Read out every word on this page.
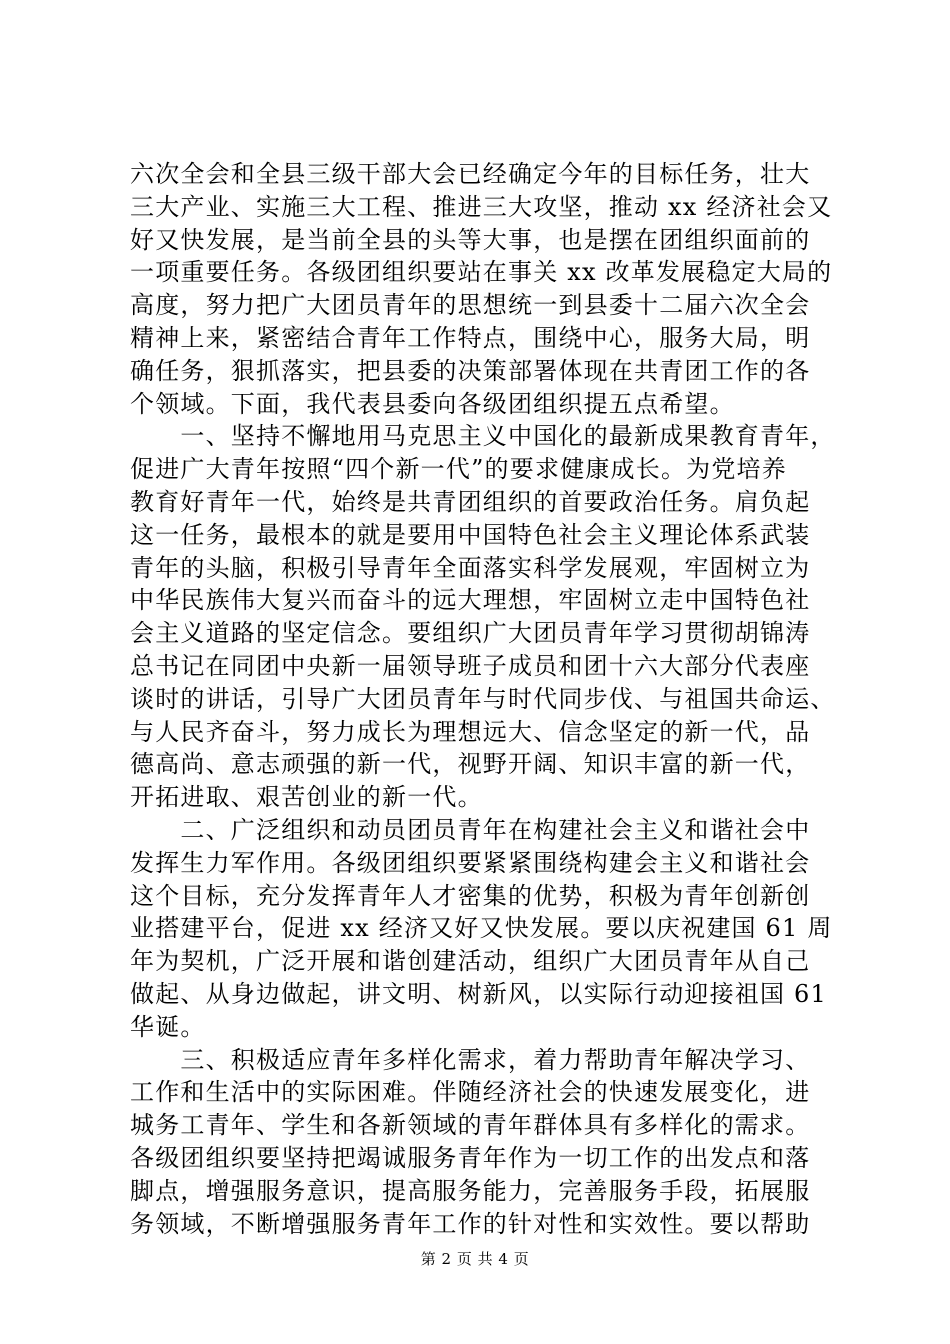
六次全会和全县三级干部大会已经确定今年的目标任务，壮大
三大产业、实施三大工程、推进三大攻坚，推动 xx 经济社会又
好又快发展，是当前全县的头等大事，也是摆在团组织面前的
一项重要任务。各级团组织要站在事关 xx 改革发展稳定大局的
高度，努力把广大团员青年的思想统一到县委十二届六次全会
精神上来，紧密结合青年工作特点，围绕中心，服务大局，明
确任务，狠抓落实，把县委的决策部署体现在共青团工作的各
个领域。下面，我代表县委向各级团组织提五点希望。
　　一、坚持不懈地用马克思主义中国化的最新成果教育青年，
促进广大青年按照“四个新一代”的要求健康成长。为党培养
教育好青年一代，始终是共青团组织的首要政治任务。肩负起
这一任务，最根本的就是要用中国特色社会主义理论体系武装
青年的头脑，积极引导青年全面落实科学发展观，牢固树立为
中华民族伟大复兴而奋斗的远大理想，牢固树立走中国特色社
会主义道路的坚定信念。要组织广大团员青年学习贯彻胡锦涛
总书记在同团中央新一届领导班子成员和团十六大部分代表座
谈时的讲话，引导广大团员青年与时代同步伐、与祖国共命运、
与人民齐奋斗，努力成长为理想远大、信念坚定的新一代，品
德高尚、意志顽强的新一代，视野开阔、知识丰富的新一代，
开拓进取、艰苦创业的新一代。
　　二、广泛组织和动员团员青年在构建社会主义和谐社会中
发挥生力军作用。各级团组织要紧紧围绕构建会主义和谐社会
这个目标，充分发挥青年人才密集的优势，积极为青年创新创
业搭建平台，促进 xx 经济又好又快发展。要以庆祝建国 61 周
年为契机，广泛开展和谐创建活动，组织广大团员青年从自己
做起、从身边做起，讲文明、树新风，以实际行动迎接祖国 61
华诞。
　　三、积极适应青年多样化需求，着力帮助青年解决学习、
工作和生活中的实际困难。伴随经济社会的快速发展变化，进
城务工青年、学生和各新领域的青年群体具有多样化的需求。
各级团组织要坚持把竭诚服务青年作为一切工作的出发点和落
脚点，增强服务意识，提高服务能力，完善服务手段，拓展服
务领域，不断增强服务青年工作的针对性和实效性。要以帮助
第 2 页 共 4 页
